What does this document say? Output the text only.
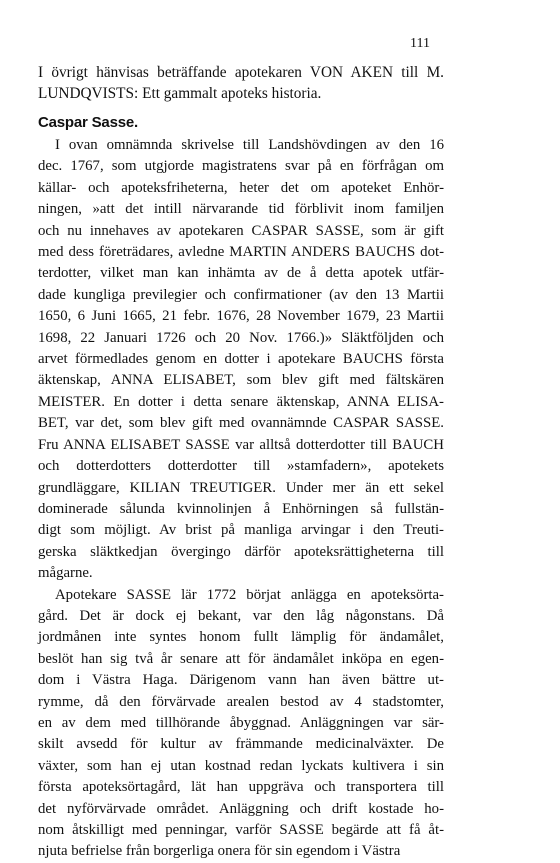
111
I övrigt hänvisas beträffande apotekaren VON AKEN till M.
LUNDQVISTS: Ett gammalt apoteks historia.
Caspar Sasse.
I ovan omnämnda skrivelse till Landshövdingen av den 16
dec. 1767, som utgjorde magistratens svar på en förfrågan om
källar- och apoteksfriheterna, heter det om apoteket Enhör-
ningen, »att det intill närvarande tid förblivit inom familjen
och nu innehaves av apotekaren CASPAR SASSE, som är gift
med dess företrädares, avledne MARTIN ANDERS BAUCHS dot-
terdotter, vilket man kan inhämta av de å detta apotek utfär-
dade kungliga previlegier och confirmationer (av den 13 Martii
1650, 6 Juni 1665, 21 febr. 1676, 28 November 1679, 23 Martii
1698, 22 Januari 1726 och 20 Nov. 1766.)» Släktföljden och
arvet förmedlades genom en dotter i apotekare BAUCHS första
äktenskap, ANNA ELISABET, som blev gift med fältskären
MEISTER. En dotter i detta senare äktenskap, ANNA ELISA-
BET, var det, som blev gift med ovannämnde CASPAR SASSE.
Fru ANNA ELISABET SASSE var alltså dotterdotter till BAUCH
och dotterdotters dotterdotter till »stamfadern», apotekets
grundläggare, KILIAN TREUTIGER. Under mer än ett sekel
dominerade sålunda kvinnolinjen å Enhörningen så fullstän-
digt som möjligt. Av brist på manliga arvingar i den Treuti-
gerska släktkedjan övergingo därför apoteksrättigheterna till
mågarne.
Apotekare SASSE lär 1772 börjat anlägga en apoteksörta-
gård. Det är dock ej bekant, var den låg någonstans. Då
jordmånen inte syntes honom fullt lämplig för ändamålet,
beslöt han sig två år senare att för ändamålet inköpa en egen-
dom i Västra Haga. Därigenom vann han även bättre ut-
rymme, då den förvärvade arealen bestod av 4 stadstomter,
en av dem med tillhörande åbyggnad. Anläggningen var sär-
skilt avsedd för kultur av främmande medicinalväxter. De
växter, som han ej utan kostnad redan lyckats kultivera i sin
första apoteksörtagård, lät han uppgräva och transportera till
det nyförvärvade området. Anläggning och drift kostade ho-
nom åtskilligt med penningar, varför SASSE begärde att få åt-
njuta befrielse från borgerliga onera för sin egendom i Västra
